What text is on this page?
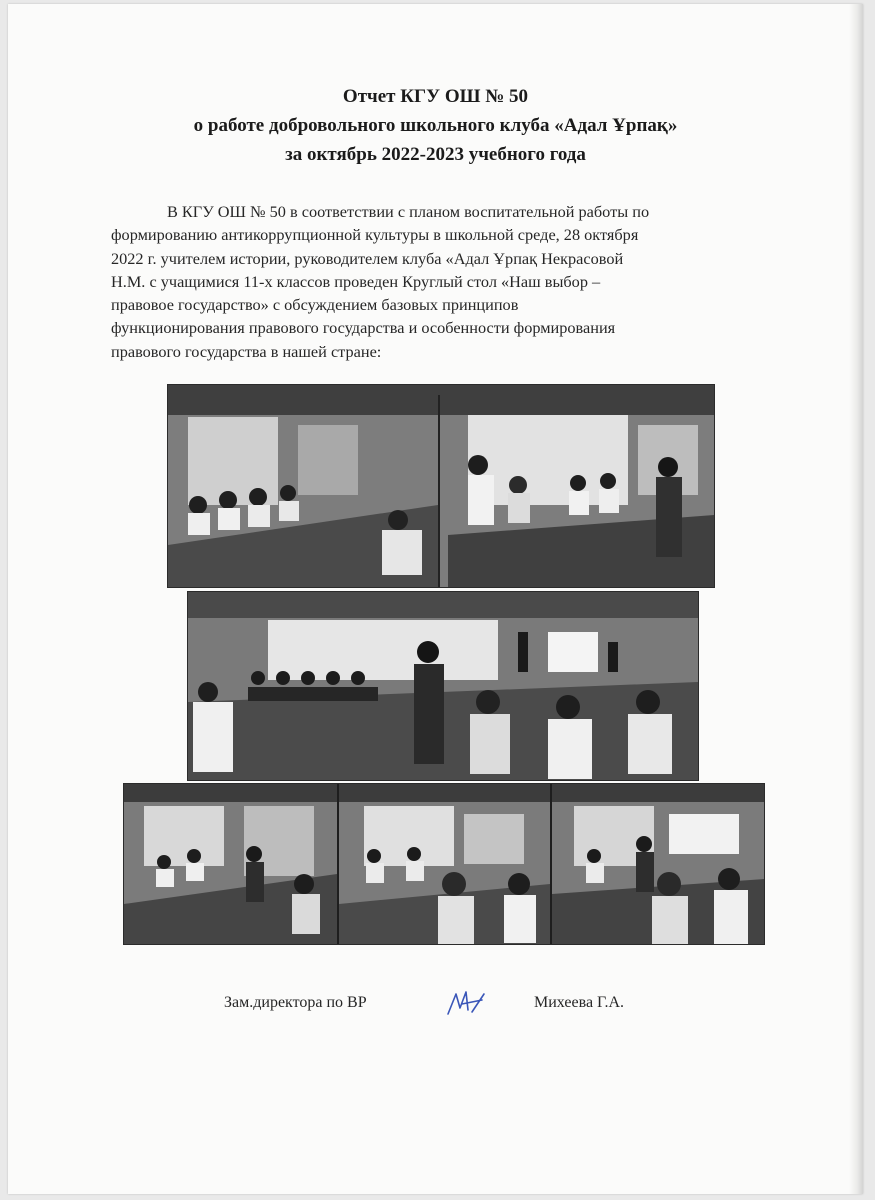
Отчет КГУ ОШ № 50
о работе добровольного школьного клуба «Адал Ұрпақ»
за октябрь 2022-2023 учебного года
В КГУ ОШ № 50 в соответствии с планом воспитательной работы по
формированию антикоррупционной культуры в школьной среде, 28 октября
2022 г. учителем истории, руководителем клуба «Адал Ұрпақ Некрасовой
Н.М. с учащимися 11-х классов проведен Круглый стол «Наш выбор –
правовое государство» с обсуждением базовых принципов
функционирования правового государства и особенности формирования
правового государства в нашей стране:
Зам.директора по ВР	Михеева Г.А.
